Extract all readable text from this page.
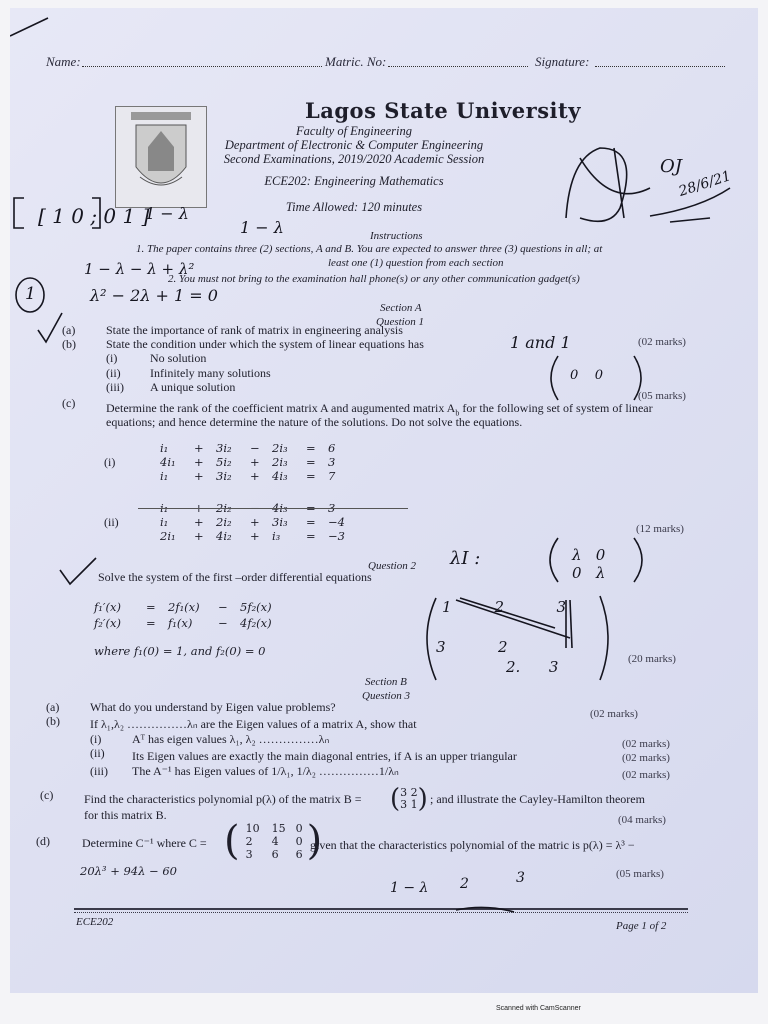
Name:	Matric. No:	Signature:
Lagos State University
Faculty of Engineering
Department of Electronic & Computer Engineering
Second Examinations, 2019/2020 Academic Session
ECE202: Engineering Mathematics
Time Allowed: 120 minutes
Instructions
1. The paper contains three (2) sections, A and B. You are expected to answer three (3) questions in all; at
least one (1) question from each section
2. You must not bring to the examination hall phone(s) or any other communication gadget(s)
Section A
Question 1
(a)	State the importance of rank of matrix in engineering analysis
(02 marks)
(b)	State the condition under which the system of linear equations has
(i)	No solution
(ii) Infinitely many solutions
(iii) A unique solution
(05 marks)
(c)	Determine the rank of the coefficient matrix A and augumented matrix $A_b$ for the following set of system of linear
equations; and hence determine the nature of the solutions. Do not solve the equations.
(i)
i₁ + 3i₂ − 2i₃ = 6
4i₁ + 5i₂ + 2i₃ = 3
i₁ + 3i₂ + 4i₃ = 7
(ii)
i₁ + 2i₂ − 4i₃ = 3
i₁ + 2i₂ + 3i₃ = −4
2i₁ + 4i₂ + i₃ = −3	(12 marks)
Question 2
Solve the system of the first –order differential equations
f₁′(x) = 2f₁(x) − 5f₂(x)
f₂′(x) = f₁(x) − 4f₂(x)
where f₁(0) = 1, and f₂(0) = 0
(20 marks)
Section B
Question 3
(a)	What do you understand by Eigen value problems?	(02 marks)
(b)	If λ₁,λ₂ ……………λₙ are the Eigen values of a matrix A, show that
(i)	Aᵀ has eigen values λ₁, λ₂ ……………λₙ	(02 marks)
(ii) Its Eigen values are exactly the main diagonal entries, if A is an upper triangular	(02 marks)
(iii) The A⁻¹ has Eigen values of 1/λ₁, 1/λ₂ ……………1/λₙ	(02 marks)
(c)	Find the characteristics polynomial p(λ) of the matrix B = (3 2
3 1) ; and illustrate the Cayley-Hamilton theorem
for this matrix B.	(04 marks)
(d)	Determine C⁻¹ where C = ( 10	15	0
2	4	0
3	6	6 )
given that the characteristics polynomial of the matric is p(λ) = λ³ −
20λ³ + 94λ − 60	(05 marks)
ECE202	Page 1 of 2
[ 1 0 ; 0 1 ]
1 − λ
1 − λ
1 − λ − λ + λ²
λ² − 2λ + 1 = 0
1
1 and 1
0    0
OJ
28/6/21
λI :	λ   0
0   λ
1         2           3
3           2
2.      3
1 − λ 2	3
Scanned with CamScanner
